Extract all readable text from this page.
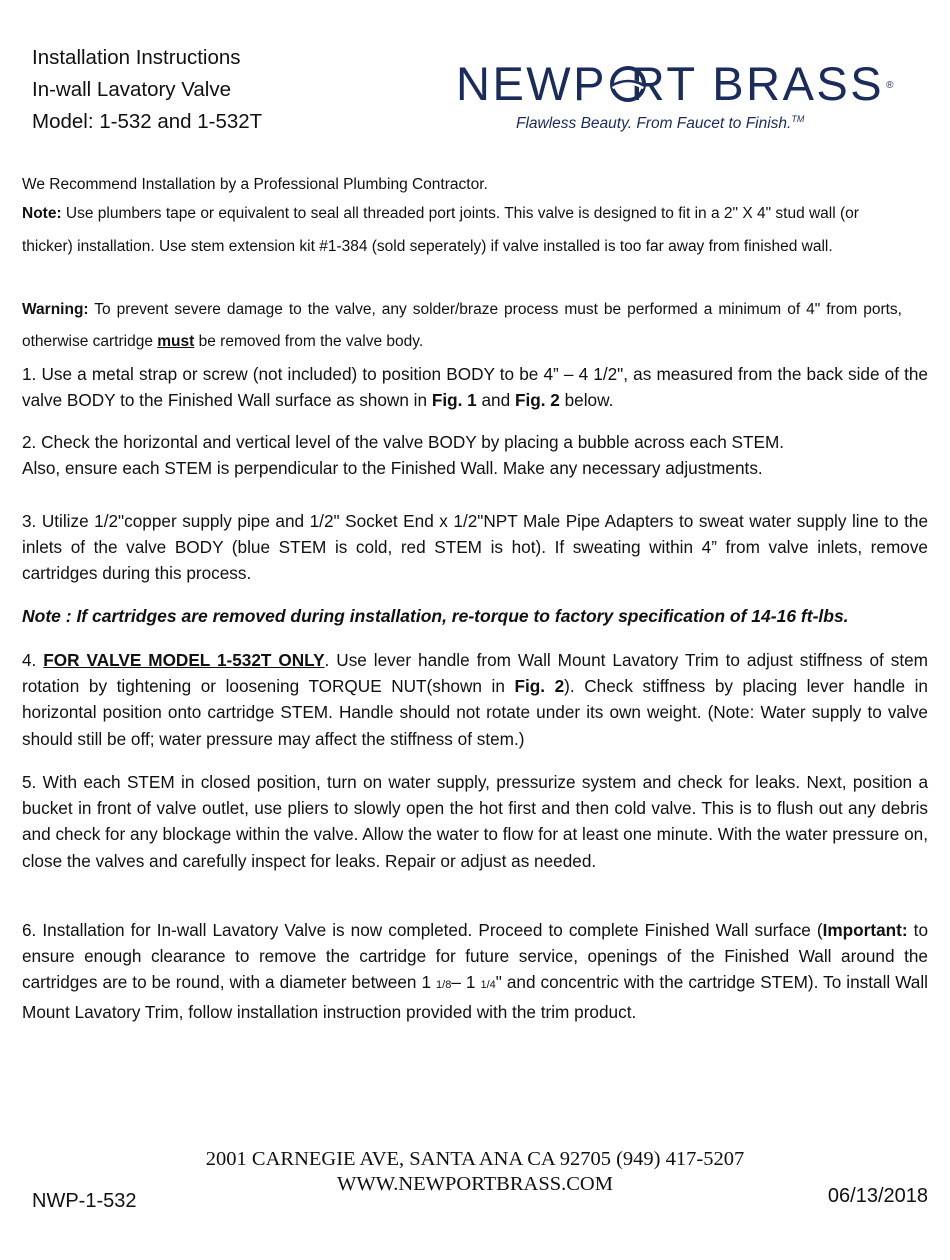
Installation Instructions
In-wall Lavatory Valve
Model: 1-532 and 1-532T
NEWP RT BRASS ®
Flawless Beauty. From Faucet to Finish.™

We Recommend Installation by a Professional Plumbing Contractor.

Note: Use plumbers tape or equivalent to seal all threaded port joints. This valve is designed to fit in a 2" X 4" stud wall (or thicker) installation. Use stem extension kit #1-384 (sold seperately) if valve installed is too far away from finished wall.

Warning: To prevent severe damage to the valve, any solder/braze process must be performed a minimum of 4" from ports, otherwise cartridge must be removed from the valve body.
1. Use a metal strap or screw (not included) to position BODY to be 4” – 4 1/2", as measured from the back side of the valve BODY to the Finished Wall surface as shown in Fig. 1 and Fig. 2 below.

2. Check the horizontal and vertical level of the valve BODY by placing a bubble across each STEM.

Also, ensure each STEM is perpendicular to the Finished Wall. Make any necessary adjustments.

3. Utilize 1/2"copper supply pipe and 1/2" Socket End x 1/2"NPT Male Pipe Adapters to sweat water supply line to the inlets of the valve BODY (blue STEM is cold, red STEM is hot). If sweating within 4” from valve inlets, remove cartridges during this process.

Note : If cartridges are removed during installation, re-torque to factory specification of 14-16 ft-lbs.
4. FOR VALVE MODEL 1-532T ONLY. Use lever handle from Wall Mount Lavatory Trim to adjust stiffness of stem rotation by tightening or loosening TORQUE NUT(shown in Fig. 2). Check stiffness by placing lever handle in horizontal position onto cartridge STEM. Handle should not rotate under its own weight. (Note: Water supply to valve should still be off; water pressure may affect the stiffness of stem.)

5. With each STEM in closed position, turn on water supply, pressurize system and check for leaks. Next, position a bucket in front of valve outlet, use pliers to slowly open the hot first and then cold valve. This is to flush out any debris and check for any blockage within the valve. Allow the water to flow for at least one minute. With the water pressure on, close the valves and carefully inspect for leaks. Repair or adjust as needed.

6. Installation for In-wall Lavatory Valve is now completed. Proceed to complete Finished Wall surface (Important: to ensure enough clearance to remove the cartridge for future service, openings of the Finished Wall around the cartridges are to be round, with a diameter between 1 1/8– 1 1/4" and concentric with the cartridge STEM). To install Wall Mount Lavatory Trim, follow installation instruction provided with the trim product.
2001 CARNEGIE AVE, SANTA ANA CA 92705 (949) 417-5207
WWW.NEWPORTBRASS.COM
NWP-1-532	06/13/2018
